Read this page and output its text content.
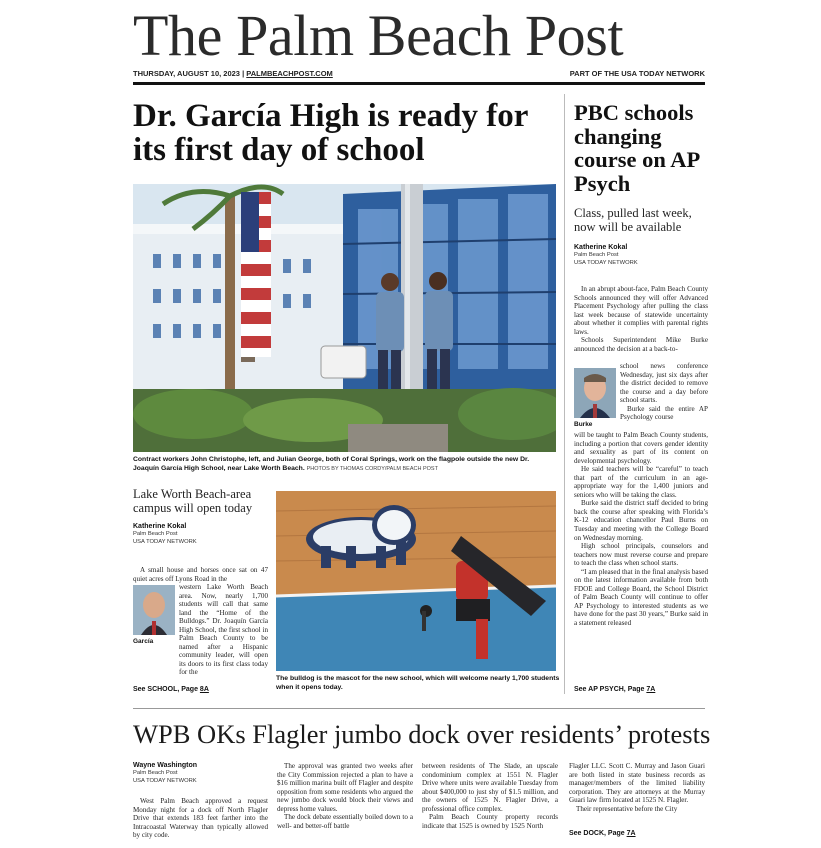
The Palm Beach Post
THURSDAY, AUGUST 10, 2023 | PALMBEACHPOST.COM	PART OF THE USA TODAY NETWORK
Dr. García High is ready for its first day of school
Contract workers John Christophe, left, and Julian George, both of Coral Springs, work on the flagpole outside the new Dr. Joaquín García High School, near Lake Worth Beach. PHOTOS BY THOMAS CORDY/PALM BEACH POST
Lake Worth Beach-area campus will open today
Katherine Kokal
Palm Beach Post
USA TODAY NETWORK

A small house and horses once sat on 47 quiet acres off Lyons Road in the

García

western Lake Worth Beach area. Now, nearly 1,700 students will call that same land the “Home of the Bulldogs.” Dr. Joaquín García High School, the first school in Palm Beach County to be named after a Hispanic community leader, will open its doors to its first class today for the

See SCHOOL, Page 8A
The bulldog is the mascot for the new school, which will welcome nearly 1,700 students when it opens today.
PBC schools changing course on AP Psych
Class, pulled last week, now will be available
Katherine Kokal
Palm Beach Post
USA TODAY NETWORK

In an abrupt about-face, Palm Beach County Schools announced they will offer Advanced Placement Psychology after pulling the class last week because of statewide uncertainty about whether it complies with parental rights laws.

Schools Superintendent Mike Burke announced the decision at a back-to-

Burke

school news conference Wednesday, just six days after the district decided to remove the course and a day before school starts.

Burke said the entire AP Psychology course

will be taught to Palm Beach County students, including a portion that covers gender identity and sexuality as part of its content on developmental psychology.

He said teachers will be “careful” to teach that part of the curriculum in an age-appropriate way for the 1,400 juniors and seniors who will be taking the class.

Burke said the district staff decided to bring back the course after speaking with Florida’s K-12 education chancellor Paul Burns on Tuesday and meeting with the College Board on Wednesday morning.

High school principals, counselors and teachers now must reverse course and prepare to teach the class when school starts.

“I am pleased that in the final analysis based on the latest information available from both FDOE and College Board, the School District of Palm Beach County will continue to offer AP Psychology to interested students as we have done for the past 30 years,” Burke said in a statement released

See AP PSYCH, Page 7A
WPB OKs Flagler jumbo dock over residents’ protests
Wayne Washington
Palm Beach Post
USA TODAY NETWORK

West Palm Beach approved a request Monday night for a dock off North Flagler Drive that extends 183 feet farther into the Intracoastal Waterway than typically allowed by city code.

The approval was granted two weeks after the City Commission rejected a plan to have a $16 million marina built off Flagler and despite opposition from some residents who argued the new jumbo dock would block their views and depress home values.

The dock debate essentially boiled down to a well- and better-off battle

between residents of The Slade, an upscale condominium complex at 1551 N. Flagler Drive where units were available Tuesday from about $400,000 to just shy of $1.5 million, and the owners of 1525 N. Flagler Drive, a professional office complex.

Palm Beach County property records indicate that 1525 is owned by 1525 North

Flagler LLC. Scott C. Murray and Jason Guari are both listed in state business records as manager/members of the limited liability corporation. They are attorneys at the Murray Guari law firm located at 1525 N. Flagler.

Their representative before the City

See DOCK, Page 7A
